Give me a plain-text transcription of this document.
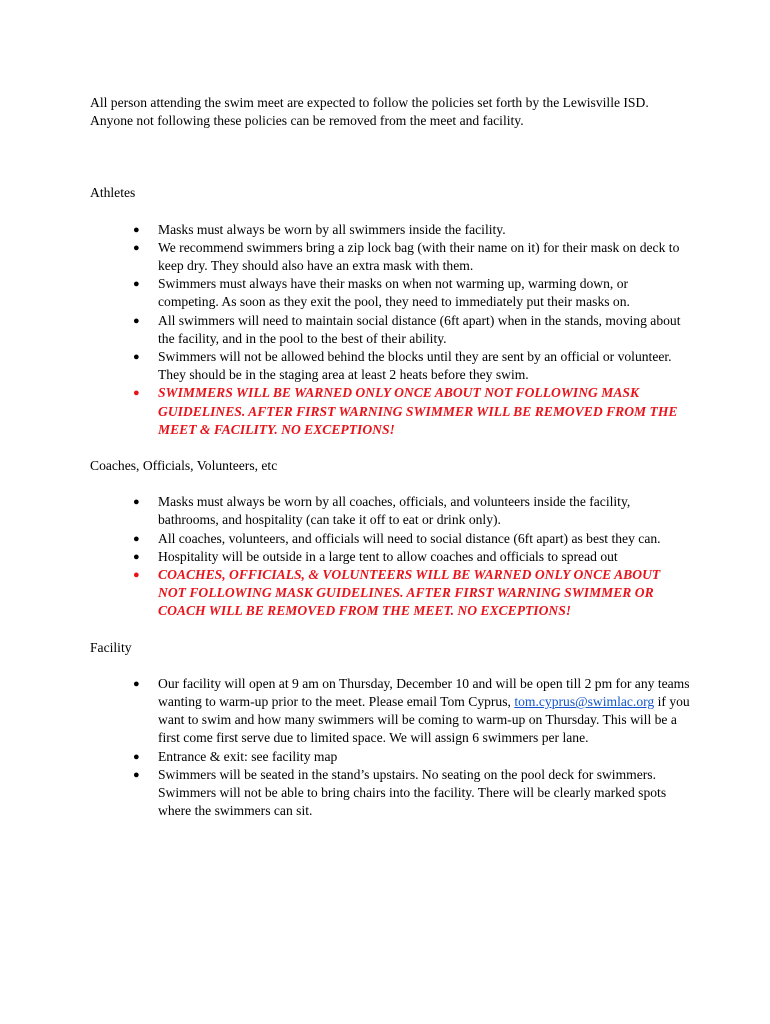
All person attending the swim meet are expected to follow the policies set forth by the Lewisville ISD. Anyone not following these policies can be removed from the meet and facility.

Athletes

● Masks must always be worn by all swimmers inside the facility.
● We recommend swimmers bring a zip lock bag (with their name on it) for their mask on deck to keep dry. They should also have an extra mask with them.
● Swimmers must always have their masks on when not warming up, warming down, or competing. As soon as they exit the pool, they need to immediately put their masks on.
● All swimmers will need to maintain social distance (6ft apart) when in the stands, moving about the facility, and in the pool to the best of their ability.
● Swimmers will not be allowed behind the blocks until they are sent by an official or volunteer. They should be in the staging area at least 2 heats before they swim.
● SWIMMERS WILL BE WARNED ONLY ONCE ABOUT NOT FOLLOWING MASK GUIDELINES. AFTER FIRST WARNING SWIMMER WILL BE REMOVED FROM THE MEET & FACILITY. NO EXCEPTIONS!

Coaches, Officials, Volunteers, etc

● Masks must always be worn by all coaches, officials, and volunteers inside the facility, bathrooms, and hospitality (can take it off to eat or drink only).
● All coaches, volunteers, and officials will need to social distance (6ft apart) as best they can.
● Hospitality will be outside in a large tent to allow coaches and officials to spread out
● COACHES, OFFICIALS, & VOLUNTEERS WILL BE WARNED ONLY ONCE ABOUT NOT FOLLOWING MASK GUIDELINES. AFTER FIRST WARNING SWIMMER OR COACH WILL BE REMOVED FROM THE MEET. NO EXCEPTIONS!

Facility

● Our facility will open at 9 am on Thursday, December 10 and will be open till 2 pm for any teams wanting to warm-up prior to the meet. Please email Tom Cyprus, tom.cyprus@swimlac.org if you want to swim and how many swimmers will be coming to warm-up on Thursday. This will be a first come first serve due to limited space. We will assign 6 swimmers per lane.
● Entrance & exit: see facility map
● Swimmers will be seated in the stand’s upstairs. No seating on the pool deck for swimmers. Swimmers will not be able to bring chairs into the facility. There will be clearly marked spots where the swimmers can sit.
